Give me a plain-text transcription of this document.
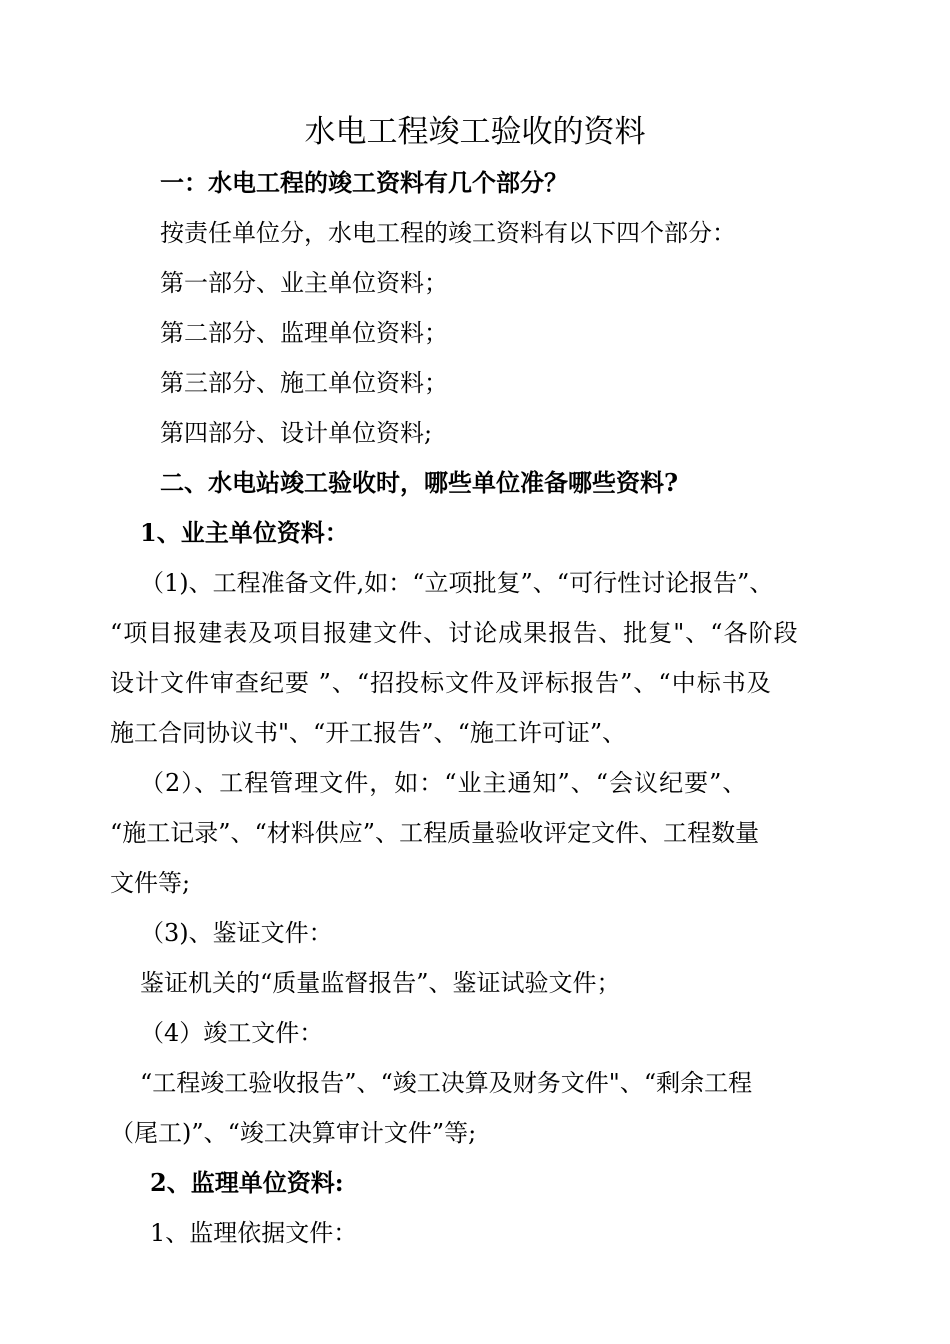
水电工程竣工验收的资料

一：水电工程的竣工资料有几个部分？

按责任单位分，水电工程的竣工资料有以下四个部分：

第一部分、业主单位资料；

第二部分、监理单位资料；

第三部分、施工单位资料；

第四部分、设计单位资料;

二、水电站竣工验收时，哪些单位准备哪些资料?

1、业主单位资料：

（1)、工程准备文件,如：“立项批复”、“可行性讨论报告”、

“项目报建表及项目报建文件、讨论成果报告、批复"、“各阶段

设计文件审查纪要 ”、“招投标文件及评标报告”、“中标书及

施工合同协议书"、“开工报告”、“施工许可证”、

（2）、工程管理文件，如：“业主通知”、“会议纪要”、

“施工记录”、“材料供应”、工程质量验收评定文件、工程数量

文件等;

（3)、鉴证文件：

鉴证机关的“质量监督报告”、鉴证试验文件；

（4）竣工文件：

“工程竣工验收报告”、“竣工决算及财务文件"、“剩余工程

（尾工)”、“竣工决算审计文件”等;

2、监理单位资料:

1、监理依据文件：
